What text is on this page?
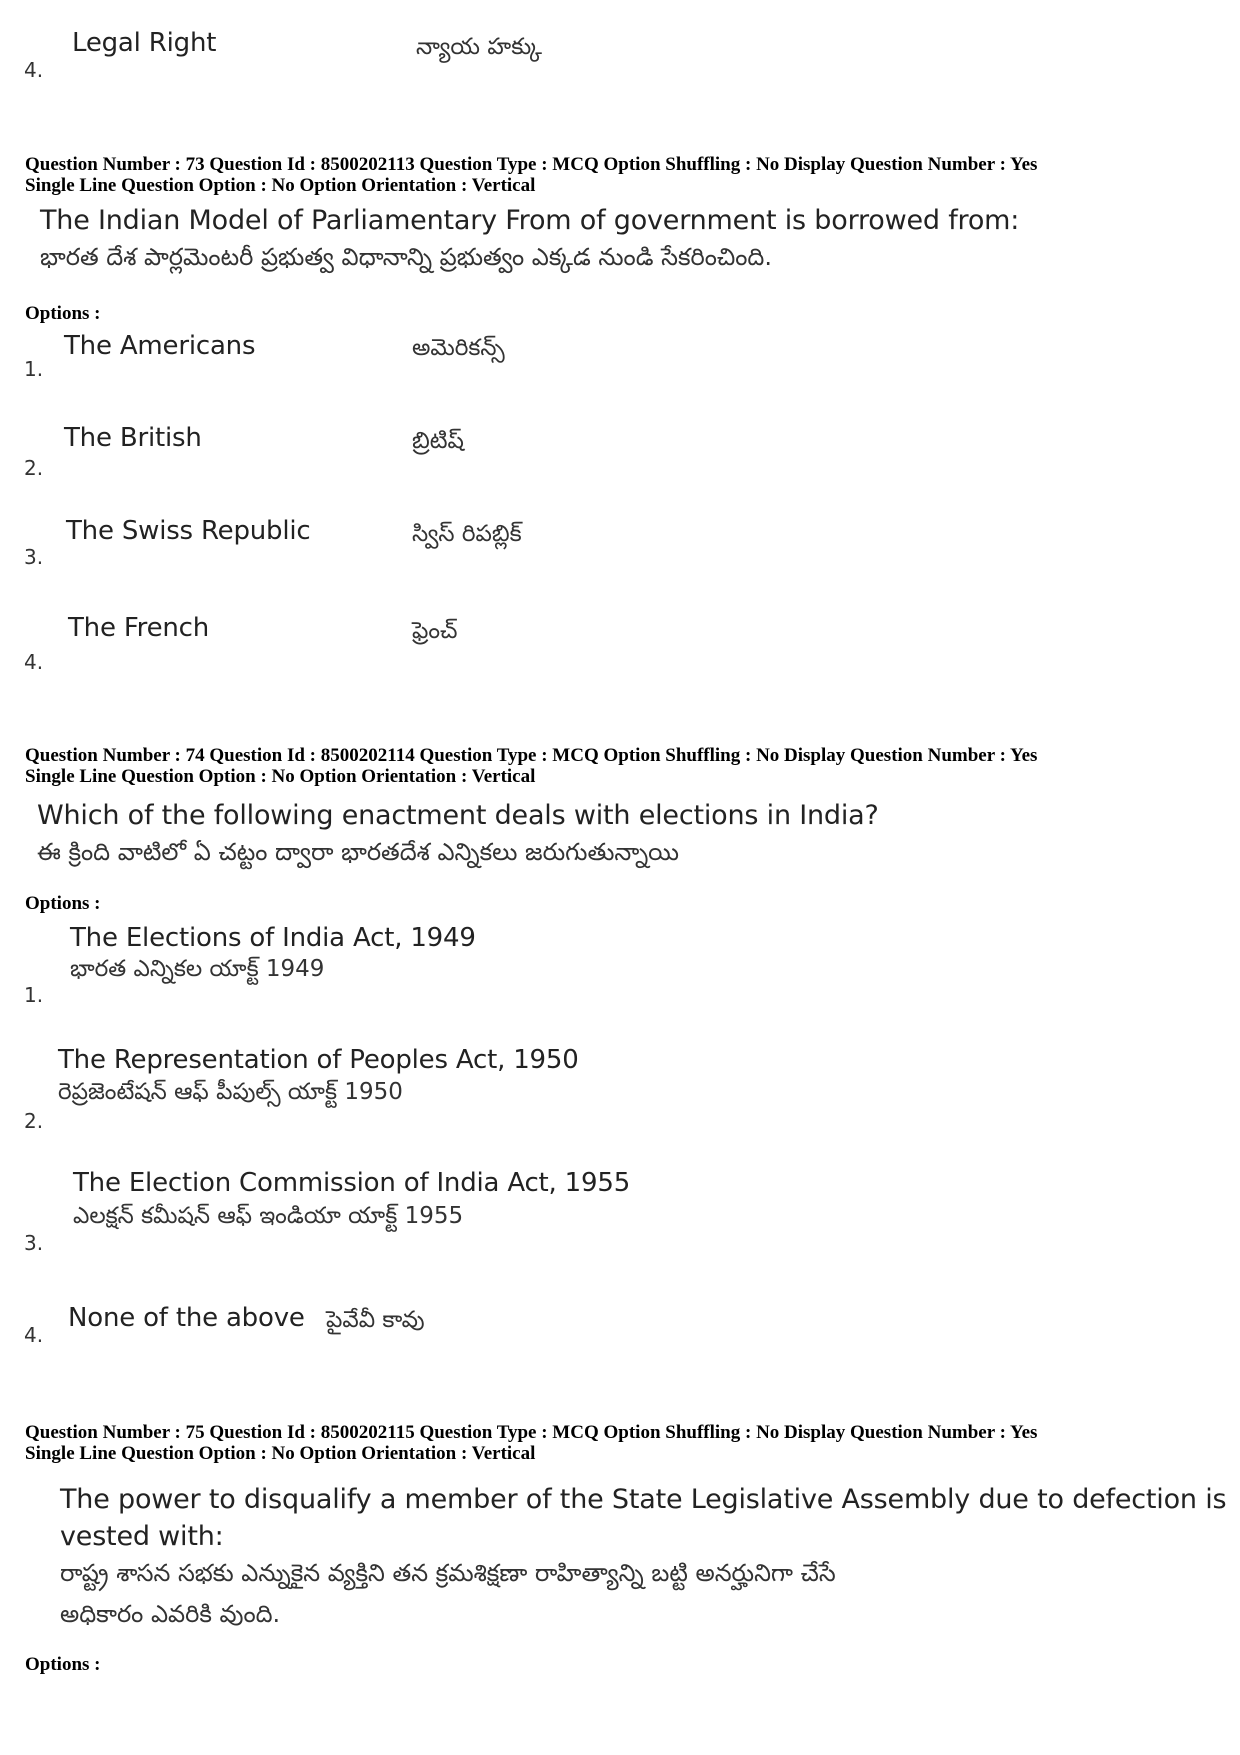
Legal Right	న్యాయ హక్కు
4.
Question Number : 73 Question Id : 8500202113 Question Type : MCQ Option Shuffling : No Display Question Number : Yes
Single Line Question Option : No Option Orientation : Vertical
The Indian Model of Parliamentary From of government is borrowed from:
భారత దేశ పార్లమెంటరీ ప్రభుత్వ విధానాన్ని ప్రభుత్వం ఎక్కడ నుండి సేకరించింది.
Options :
The Americans	అమెరికన్స్
1.
The British	బ్రిటిష్
2.
The Swiss Republic	స్విస్ రిపబ్లిక్
3.
The French	ఫ్రెంచ్
4.
Question Number : 74 Question Id : 8500202114 Question Type : MCQ Option Shuffling : No Display Question Number : Yes
Single Line Question Option : No Option Orientation : Vertical
Which of the following enactment deals with elections in India?
ఈ క్రింది వాటిలో ఏ చట్టం ద్వారా భారతదేశ ఎన్నికలు జరుగుతున్నాయి
Options :
The Elections of India Act, 1949
భారత ఎన్నికల యాక్ట్ 1949
1.
The Representation of Peoples Act, 1950
రెప్రజెంటేషన్ ఆఫ్ పీపుల్స్ యాక్ట్ 1950
2.
The Election Commission of India Act, 1955
ఎలక్షన్ కమీషన్ ఆఫ్ ఇండియా యాక్ట్ 1955
3.
None of the above పైవేవీ కావు
4.
Question Number : 75 Question Id : 8500202115 Question Type : MCQ Option Shuffling : No Display Question Number : Yes
Single Line Question Option : No Option Orientation : Vertical
The power to disqualify a member of the State Legislative Assembly due to defection is
vested with:
రాష్ట్ర శాసన సభకు ఎన్నుకైన వ్యక్తిని తన క్రమశిక్షణా రాహిత్యాన్ని బట్టి అనర్హునిగా చేసే
అధికారం ఎవరికి వుంది.
Options :
